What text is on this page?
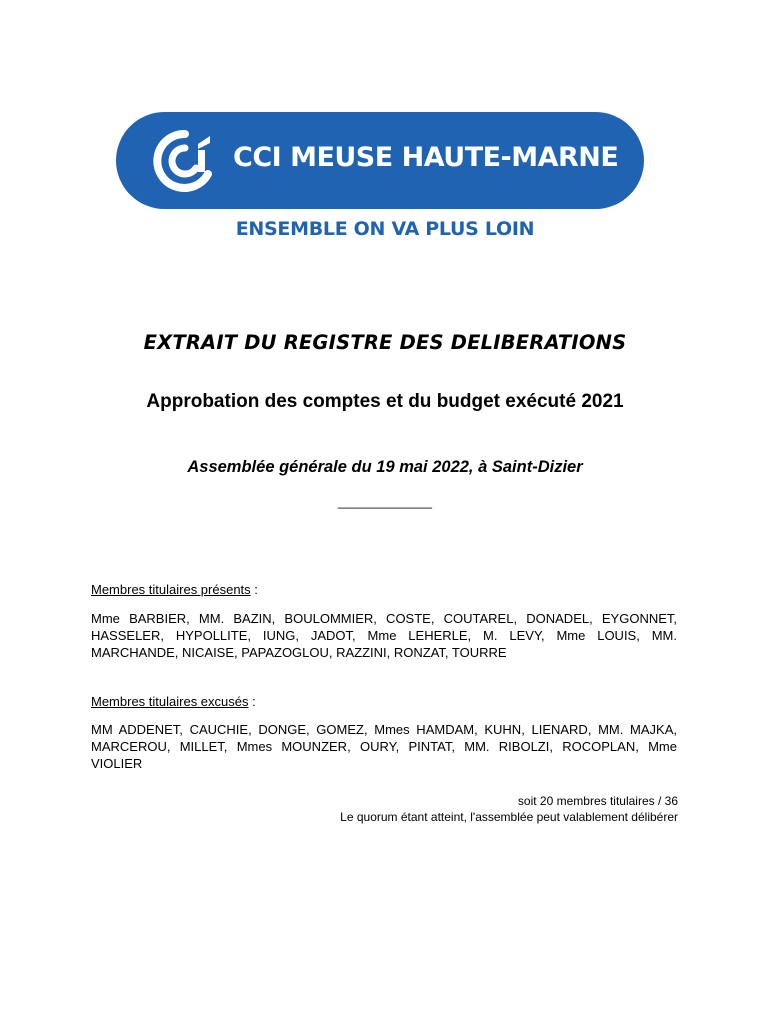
CCI MEUSE HAUTE-MARNE
ENSEMBLE ON VA PLUS LOIN
EXTRAIT DU REGISTRE DES DELIBERATIONS
Approbation des comptes et du budget exécuté 2021
Assemblée générale du 19 mai 2022, à Saint-Dizier
_____________
Membres titulaires présents :
Mme BARBIER, MM. BAZIN, BOULOMMIER, COSTE, COUTAREL, DONADEL, EYGONNET, HASSELER, HYPOLLITE, IUNG, JADOT, Mme LEHERLE, M. LEVY, Mme LOUIS, MM. MARCHANDE, NICAISE, PAPAZOGLOU, RAZZINI, RONZAT, TOURRE
Membres titulaires excusés :
MM ADDENET, CAUCHIE, DONGE, GOMEZ, Mmes HAMDAM, KUHN, LIENARD, MM. MAJKA, MARCEROU, MILLET, Mmes MOUNZER, OURY, PINTAT, MM. RIBOLZI, ROCOPLAN, Mme VIOLIER
soit 20 membres titulaires / 36
Le quorum étant atteint, l'assemblée peut valablement délibérer
